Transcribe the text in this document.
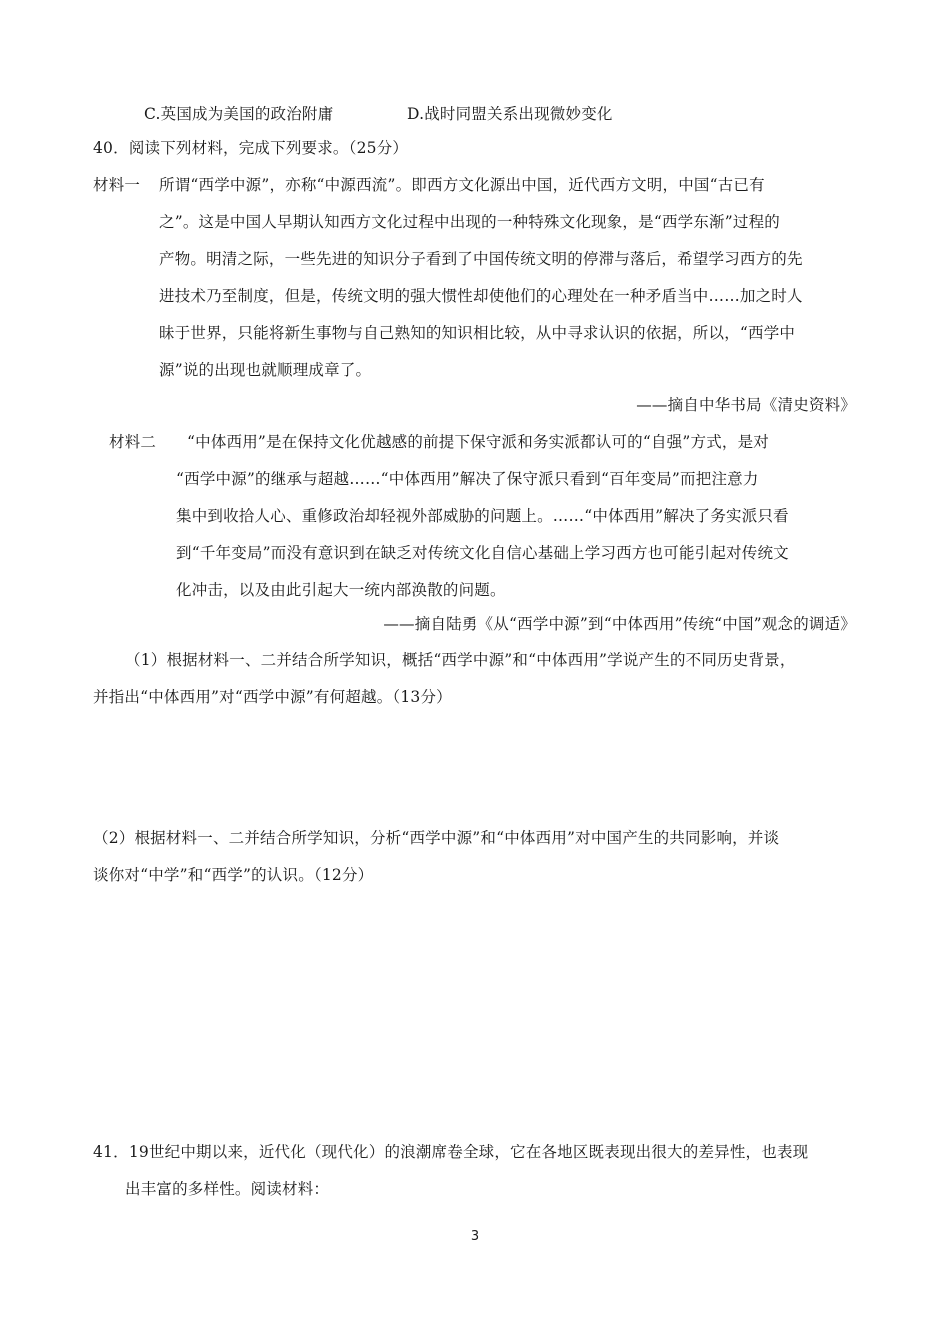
C.英国成为美国的政治附庸	D.战时同盟关系出现微妙变化
40．阅读下列材料，完成下列要求。（25分）
材料一 所谓“西学中源”，亦称“中源西流”。即西方文化源出中国，近代西方文明，中国“古已有
之”。这是中国人早期认知西方文化过程中出现的一种特殊文化现象，是“西学东渐”过程的
产物。明清之际，一些先进的知识分子看到了中国传统文明的停滞与落后，希望学习西方的先
进技术乃至制度，但是，传统文明的强大惯性却使他们的心理处在一种矛盾当中……加之时人
昧于世界，只能将新生事物与自己熟知的知识相比较，从中寻求认识的依据，所以，“西学中
源”说的出现也就顺理成章了。
——摘自中华书局《清史资料》
材料二 “中体西用”是在保持文化优越感的前提下保守派和务实派都认可的“自强”方式，是对
“西学中源”的继承与超越……“中体西用”解决了保守派只看到“百年变局”而把注意力
集中到收拾人心、重修政治却轻视外部威胁的问题上。……“中体西用”解决了务实派只看
到“千年变局”而没有意识到在缺乏对传统文化自信心基础上学习西方也可能引起对传统文
化冲击，以及由此引起大一统内部涣散的问题。
——摘自陆勇《从“西学中源”到“中体西用”传统“中国”观念的调适》
（1）根据材料一、二并结合所学知识，概括“西学中源”和“中体西用”学说产生的不同历史背景，
并指出“中体西用”对“西学中源”有何超越。（13分）
（2）根据材料一、二并结合所学知识，分析“西学中源”和“中体西用”对中国产生的共同影响，并谈
谈你对“中学”和“西学”的认识。（12分）
41．19世纪中期以来，近代化（现代化）的浪潮席卷全球，它在各地区既表现出很大的差异性，也表现
出丰富的多样性。阅读材料：
3
